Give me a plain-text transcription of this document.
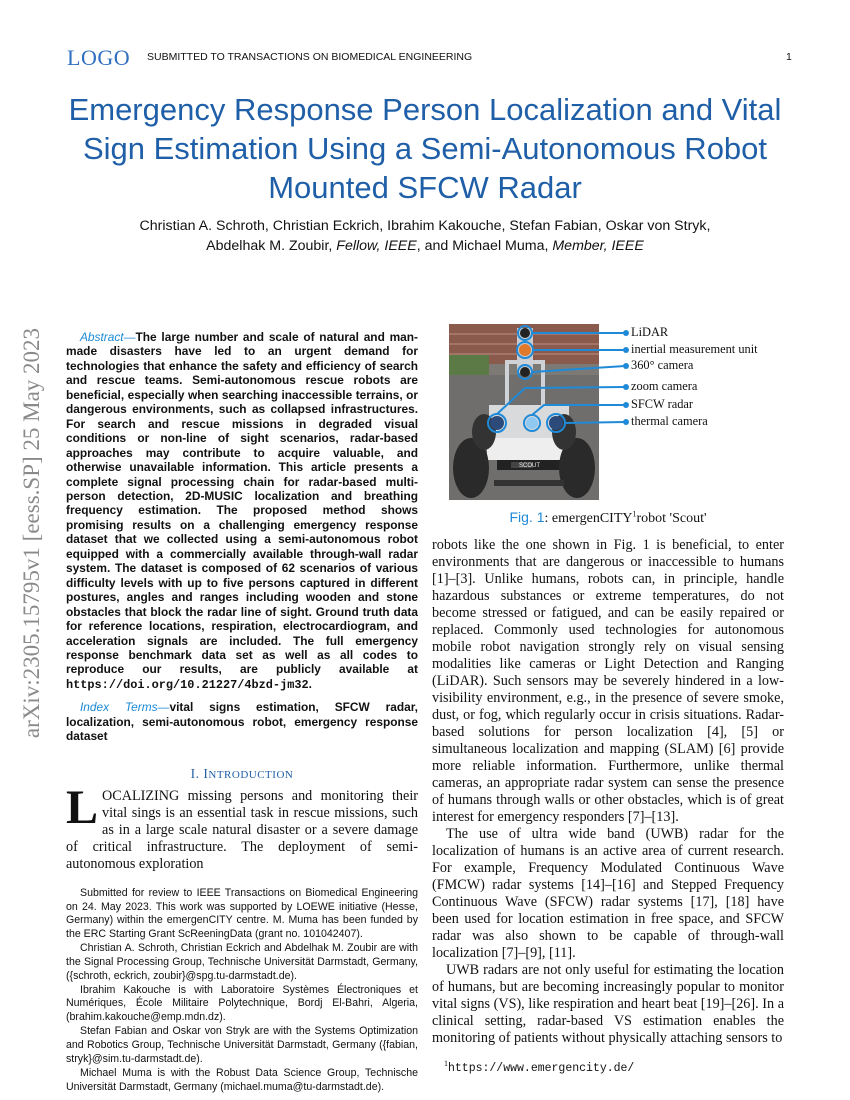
LOGO SUBMITTED TO TRANSACTIONS ON BIOMEDICAL ENGINEERING	1
arXiv:2305.15795v1 [eess.SP] 25 May 2023
Emergency Response Person Localization and Vital Sign Estimation Using a Semi-Autonomous Robot Mounted SFCW Radar
Christian A. Schroth, Christian Eckrich, Ibrahim Kakouche, Stefan Fabian, Oskar von Stryk,
Abdelhak M. Zoubir, Fellow, IEEE, and Michael Muma, Member, IEEE
Abstract—The large number and scale of natural and man-made disasters have led to an urgent demand for technologies that enhance the safety and efficiency of search and rescue teams. Semi-autonomous rescue robots are beneficial, especially when searching inaccessible terrains, or dangerous environments, such as collapsed infrastructures. For search and rescue missions in degraded visual conditions or non-line of sight scenarios, radar-based approaches may contribute to acquire valuable, and otherwise unavailable information. This article presents a complete signal processing chain for radar-based multi-person detection, 2D-MUSIC localization and breathing frequency estimation. The proposed method shows promising results on a challenging emergency response dataset that we collected using a semi-autonomous robot equipped with a commercially available through-wall radar system. The dataset is composed of 62 scenarios of various difficulty levels with up to five persons captured in different postures, angles and ranges including wooden and stone obstacles that block the radar line of sight. Ground truth data for reference locations, respiration, electrocardiogram, and acceleration signals are included. The full emergency response benchmark data set as well as all codes to reproduce our results, are publicly available at https://doi.org/10.21227/4bzd-jm32.
Index Terms—vital signs estimation, SFCW radar, localization, semi-autonomous robot, emergency response dataset
I. INTRODUCTION
LOCALIZING missing persons and monitoring their vital sings is an essential task in rescue missions, such as in a large scale natural disaster or a severe damage of critical infrastructure. The deployment of semi-autonomous exploration

Submitted for review to IEEE Transactions on Biomedical Engineering on 24. May 2023. This work was supported by LOEWE initiative (Hesse, Germany) within the emergenCITY centre. M. Muma has been funded by the ERC Starting Grant ScReeningData (grant no. 101042407).

Christian A. Schroth, Christian Eckrich and Abdelhak M. Zoubir are with the Signal Processing Group, Technische Universität Darmstadt, Germany, ({schroth, eckrich, zoubir}@spg.tu-darmstadt.de).

Ibrahim Kakouche is with Laboratoire Systèmes Électroniques et Numériques, École Militaire Polytechnique, Bordj El-Bahri, Algeria, (brahim.kakouche@emp.mdn.dz).

Stefan Fabian and Oskar von Stryk are with the Systems Optimization and Robotics Group, Technische Universität Darmstadt, Germany ({fabian, stryk}@sim.tu-darmstadt.de).

Michael Muma is with the Robust Data Science Group, Technische Universität Darmstadt, Germany (michael.muma@tu-darmstadt.de).

SCOUT
LiDAR
inertial measurement unit
360° camera
zoom camera
SFCW radar
thermal camera
Fig. 1: emergenCITY$^1$robot 'Scout'

robots like the one shown in Fig. 1 is beneficial, to enter environments that are dangerous or inaccessible to humans [1]–[3]. Unlike humans, robots can, in principle, handle hazardous substances or extreme temperatures, do not become stressed or fatigued, and can be easily repaired or replaced. Commonly used technologies for autonomous mobile robot navigation strongly rely on visual sensing modalities like cameras or Light Detection and Ranging (LiDAR). Such sensors may be severely hindered in a low-visibility environment, e.g., in the presence of severe smoke, dust, or fog, which regularly occur in crisis situations. Radar-based solutions for person localization [4], [5] or simultaneous localization and mapping (SLAM) [6] provide more reliable information. Furthermore, unlike thermal cameras, an appropriate radar system can sense the presence of humans through walls or other obstacles, which is of great interest for emergency responders [7]–[13].

The use of ultra wide band (UWB) radar for the localization of humans is an active area of current research. For example, Frequency Modulated Continuous Wave (FMCW) radar systems [14]–[16] and Stepped Frequency Continuous Wave (SFCW) radar systems [17], [18] have been used for location estimation in free space, and SFCW radar was also shown to be capable of through-wall localization [7]–[9], [11].

UWB radars are not only useful for estimating the location of humans, but are becoming increasingly popular to monitor vital signs (VS), like respiration and heart beat [19]–[26]. In a clinical setting, radar-based VS estimation enables the monitoring of patients without physically attaching sensors to

$^1$https://www.emergencity.de/
